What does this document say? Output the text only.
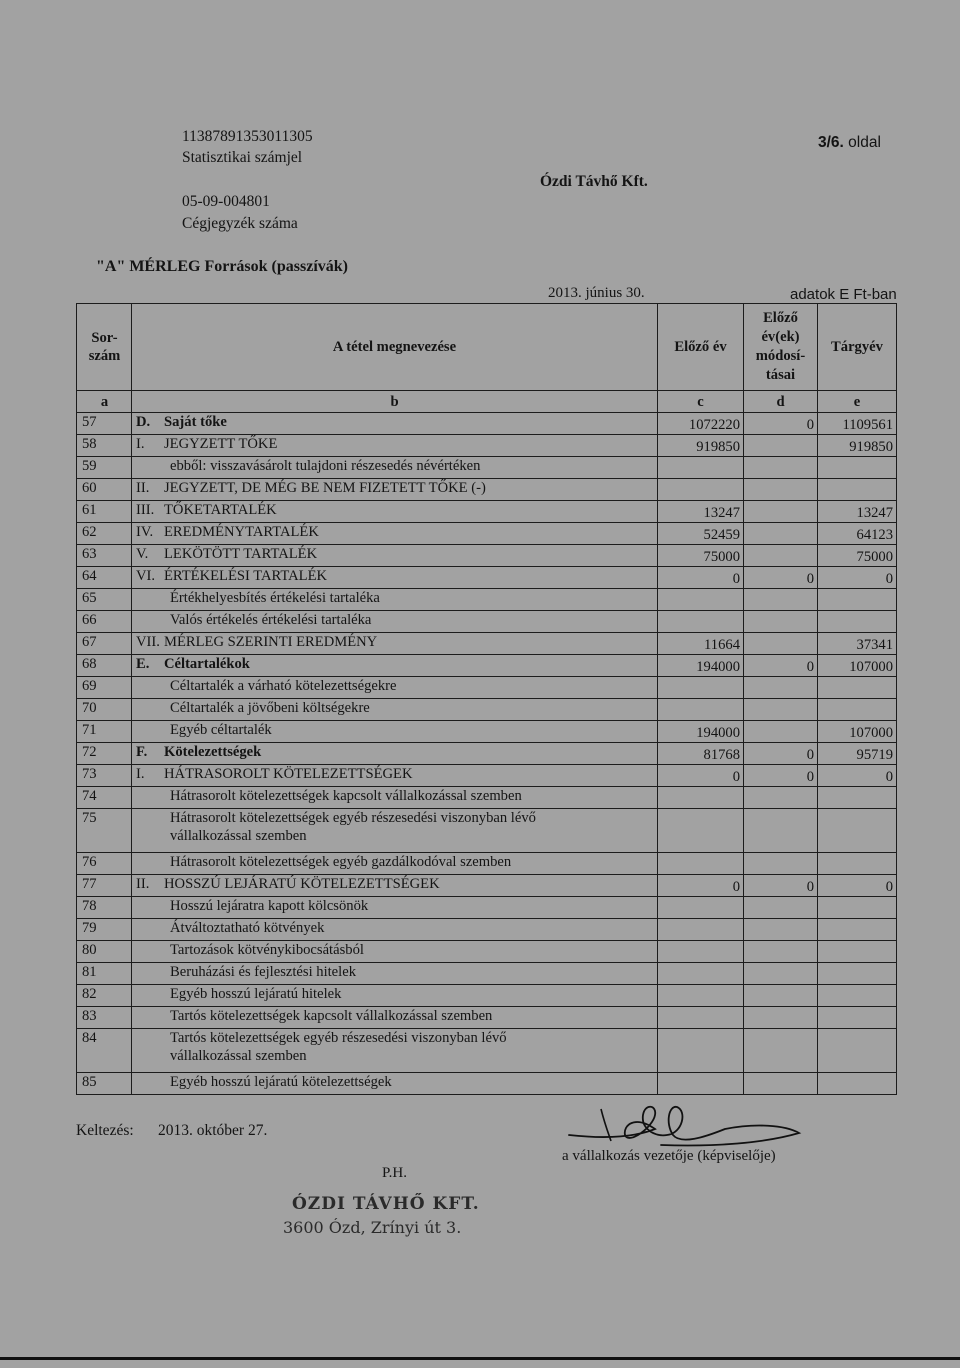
11387891353011305
Statisztikai számjel
05-09-004801
Cégjegyzék száma
Ózdi Távhő Kft.
3/6. oldal
"A" MÉRLEG Források (passzívák)
2013. június 30.	adatok E Ft-ban
Sor-
szám	A tétel megnevezése	Előző év	Előző
év(ek)
módosí-
tásai	Tárgyév
a	b	c	d	e
57	D. Saját tőke	1072220	0	1109561
58	I. JEGYZETT TŐKE	919850		919850
59	ebből: visszavásárolt tulajdoni részesedés névértéken			
60	II. JEGYZETT, DE MÉG BE NEM FIZETETT TŐKE (-)			
61	III. TŐKETARTALÉK	13247		13247
62	IV. EREDMÉNYTARTALÉK	52459		64123
63	V. LEKÖTÖTT TARTALÉK	75000		75000
64	VI. ÉRTÉKELÉSI TARTALÉK	0	0	0
65	Értékhelyesbítés értékelési tartaléka			
66	Valós értékelés értékelési tartaléka			
67	VII. MÉRLEG SZERINTI EREDMÉNY	11664		37341
68	E. Céltartalékok	194000	0	107000
69	Céltartalék a várható kötelezettségekre			
70	Céltartalék a jövőbeni költségekre			
71	Egyéb céltartalék	194000		107000
72	F. Kötelezettségek	81768	0	95719
73	I. HÁTRASOROLT KÖTELEZETTSÉGEK	0	0	0
74	Hátrasorolt kötelezettségek kapcsolt vállalkozással szemben			
75	Hátrasorolt kötelezettségek egyéb részesedési viszonyban lévő
vállalkozással szemben			
76	Hátrasorolt kötelezettségek egyéb gazdálkodóval szemben			
77	II. HOSSZÚ LEJÁRATÚ KÖTELEZETTSÉGEK	0	0	0
78	Hosszú lejáratra kapott kölcsönök			
79	Átváltoztatható kötvények			
80	Tartozások kötvénykibocsátásból			
81	Beruházási és fejlesztési hitelek			
82	Egyéb hosszú lejáratú hitelek			
83	Tartós kötelezettségek kapcsolt vállalkozással szemben			
84	Tartós kötelezettségek egyéb részesedési viszonyban lévő
vállalkozással szemben			
85	Egyéb hosszú lejáratú kötelezettségek			
Keltezés: 2013. október 27.
P.H.
a vállalkozás vezetője (képviselője)
ÓZDI TÁVHŐ KFT.
3600 Ózd, Zrínyi út 3.
